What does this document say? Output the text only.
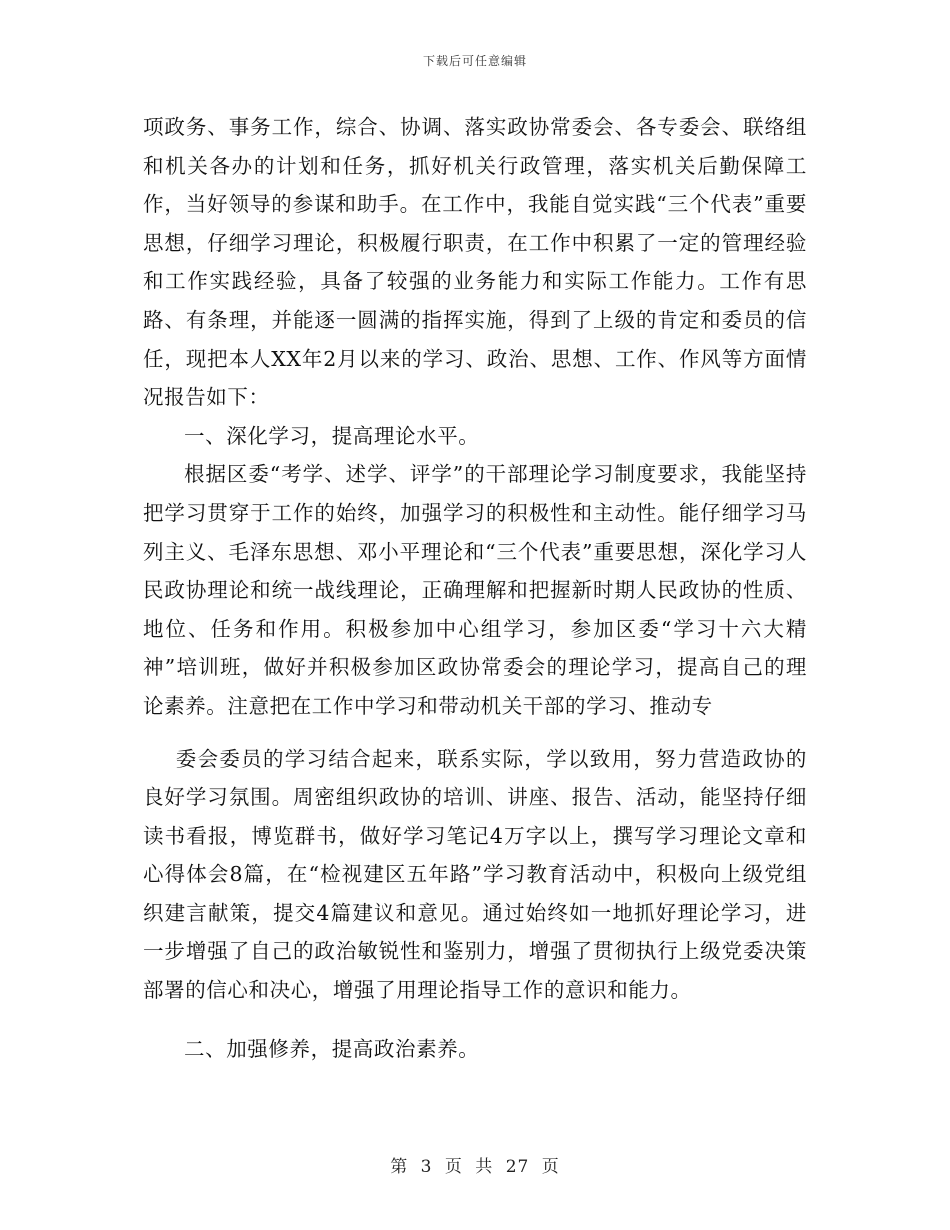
下载后可任意编辑

项政务、事务工作，综合、协调、落实政协常委会、各专委会、联络组和机关各办的计划和任务，抓好机关行政管理，落实机关后勤保障工作，当好领导的参谋和助手。在工作中，我能自觉实践“三个代表”重要思想，仔细学习理论，积极履行职责，在工作中积累了一定的管理经验和工作实践经验，具备了较强的业务能力和实际工作能力。工作有思路、有条理，并能逐一圆满的指挥实施，得到了上级的肯定和委员的信任，现把本人XX年2月以来的学习、政治、思想、工作、作风等方面情况报告如下：

一、深化学习，提高理论水平。

根据区委“考学、述学、评学”的干部理论学习制度要求，我能坚持把学习贯穿于工作的始终，加强学习的积极性和主动性。能仔细学习马列主义、毛泽东思想、邓小平理论和“三个代表”重要思想，深化学习人民政协理论和统一战线理论，正确理解和把握新时期人民政协的性质、地位、任务和作用。积极参加中心组学习，参加区委“学习十六大精神”培训班，做好并积极参加区政协常委会的理论学习，提高自己的理论素养。注意把在工作中学习和带动机关干部的学习、推动专

委会委员的学习结合起来，联系实际，学以致用，努力营造政协的良好学习氛围。周密组织政协的培训、讲座、报告、活动，能坚持仔细读书看报，博览群书，做好学习笔记4万字以上，撰写学习理论文章和心得体会8篇，在“检视建区五年路”学习教育活动中，积极向上级党组织建言献策，提交4篇建议和意见。通过始终如一地抓好理论学习，进一步增强了自己的政治敏锐性和鉴别力，增强了贯彻执行上级党委决策部署的信心和决心，增强了用理论指导工作的意识和能力。

二、加强修养，提高政治素养。

第 3 页 共 27 页
